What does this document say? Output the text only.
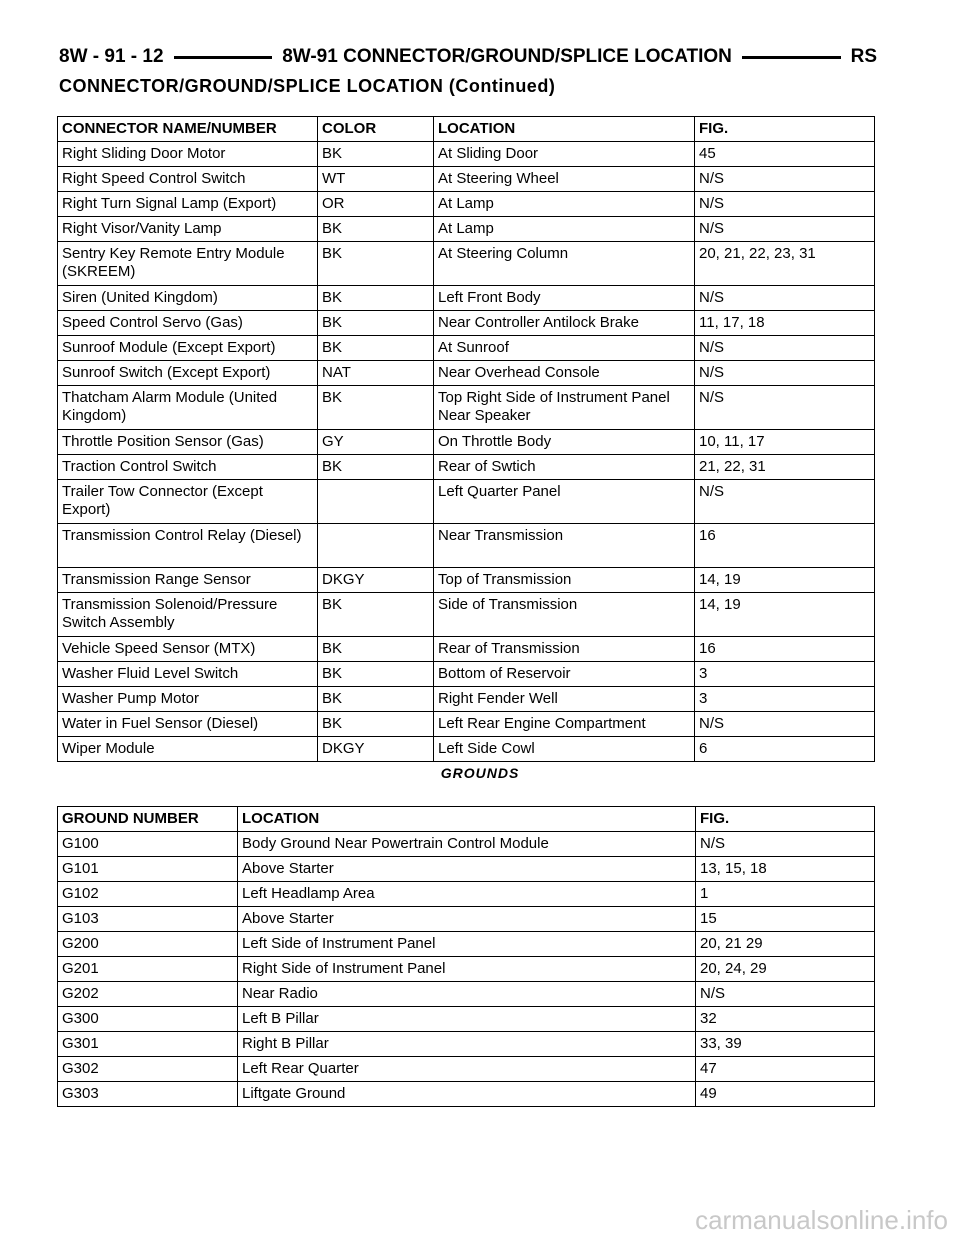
8W - 91 - 12	8W-91 CONNECTOR/GROUND/SPLICE LOCATION	RS
CONNECTOR/GROUND/SPLICE LOCATION (Continued)
CONNECTOR NAME/NUMBER	COLOR	LOCATION	FIG.
Right Sliding Door Motor	BK	At Sliding Door	45
Right Speed Control Switch	WT	At Steering Wheel	N/S
Right Turn Signal Lamp (Export)	OR	At Lamp	N/S
Right Visor/Vanity Lamp	BK	At Lamp	N/S
Sentry Key Remote Entry Module (SKREEM)	BK	At Steering Column	20, 21, 22, 23, 31
Siren (United Kingdom)	BK	Left Front Body	N/S
Speed Control Servo (Gas)	BK	Near Controller Antilock Brake	11, 17, 18
Sunroof Module (Except Export)	BK	At Sunroof	N/S
Sunroof Switch (Except Export)	NAT	Near Overhead Console	N/S
Thatcham Alarm Module (United Kingdom)	BK	Top Right Side of Instrument Panel Near Speaker	N/S
Throttle Position Sensor (Gas)	GY	On Throttle Body	10, 11, 17
Traction Control Switch	BK	Rear of Swtich	21, 22, 31
Trailer Tow Connector (Except Export)		Left Quarter Panel	N/S
Transmission Control Relay (Diesel)		Near Transmission	16
Transmission Range Sensor	DKGY	Top of Transmission	14, 19
Transmission Solenoid/Pressure Switch Assembly	BK	Side of Transmission	14, 19
Vehicle Speed Sensor (MTX)	BK	Rear of Transmission	16
Washer Fluid Level Switch	BK	Bottom of Reservoir	3
Washer Pump Motor	BK	Right Fender Well	3
Water in Fuel Sensor (Diesel)	BK	Left Rear Engine Compartment	N/S
Wiper Module	DKGY	Left Side Cowl	6
GROUNDS
GROUND NUMBER	LOCATION	FIG.
G100	Body Ground Near Powertrain Control Module	N/S
G101	Above Starter	13, 15, 18
G102	Left Headlamp Area	1
G103	Above Starter	15
G200	Left Side of Instrument Panel	20, 21 29
G201	Right Side of Instrument Panel	20, 24, 29
G202	Near Radio	N/S
G300	Left B Pillar	32
G301	Right B Pillar	33, 39
G302	Left Rear Quarter	47
G303	Liftgate Ground	49
carmanualsonline.info
